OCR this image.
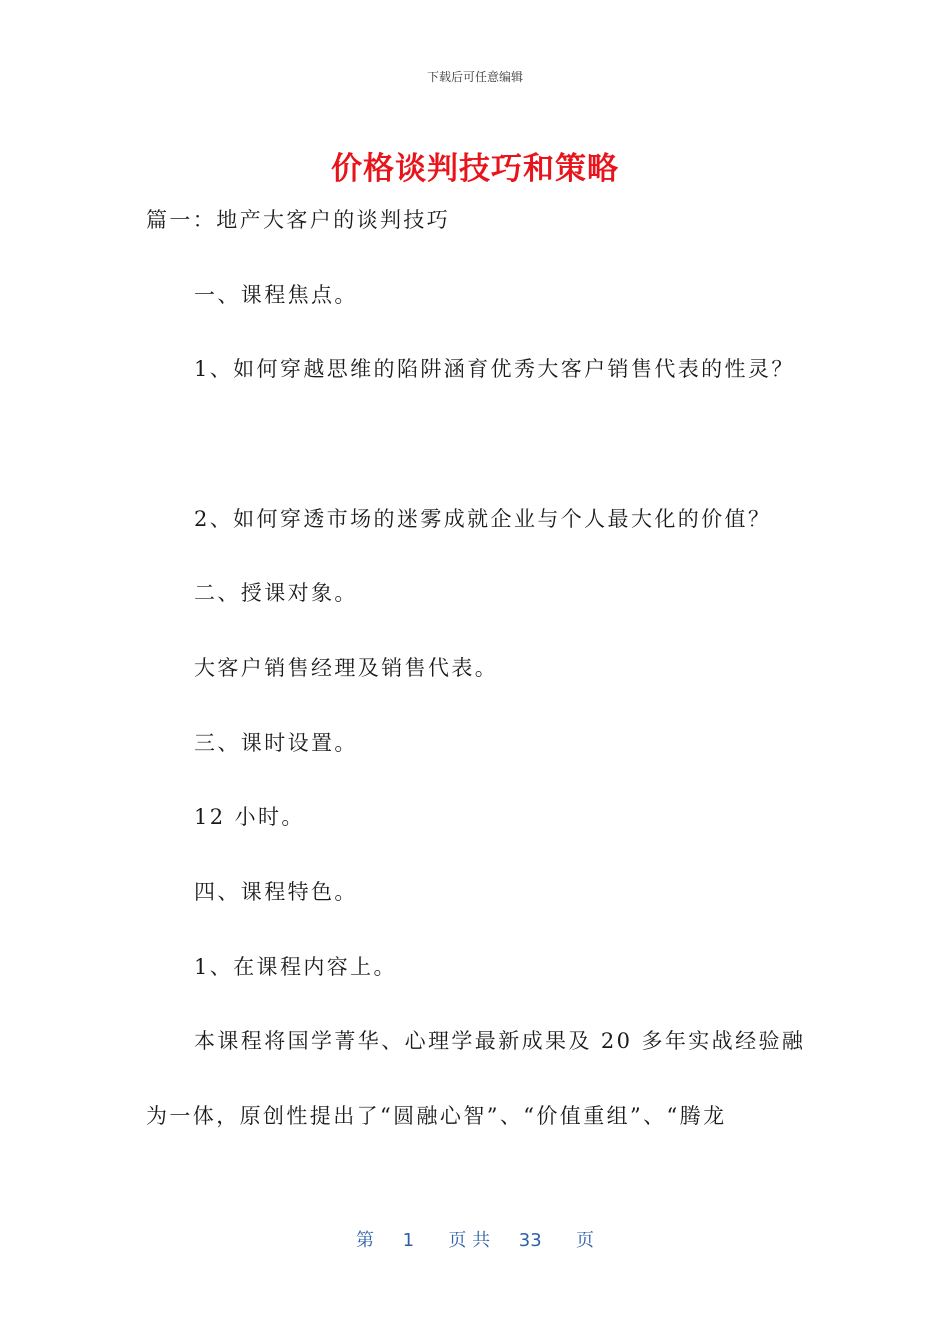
下载后可任意编辑
价格谈判技巧和策略
篇一：地产大客户的谈判技巧
一、课程焦点。
1、如何穿越思维的陷阱涵育优秀大客户销售代表的性灵？
2、如何穿透市场的迷雾成就企业与个人最大化的价值？
二、授课对象。
大客户销售经理及销售代表。
三、课时设置。
12 小时。
四、课程特色。
1、在课程内容上。
本课程将国学菁华、心理学最新成果及 20 多年实战经验融
为一体，原创性提出了“圆融心智”、“价值重组”、“腾龙
第 1 页 共 33 页
